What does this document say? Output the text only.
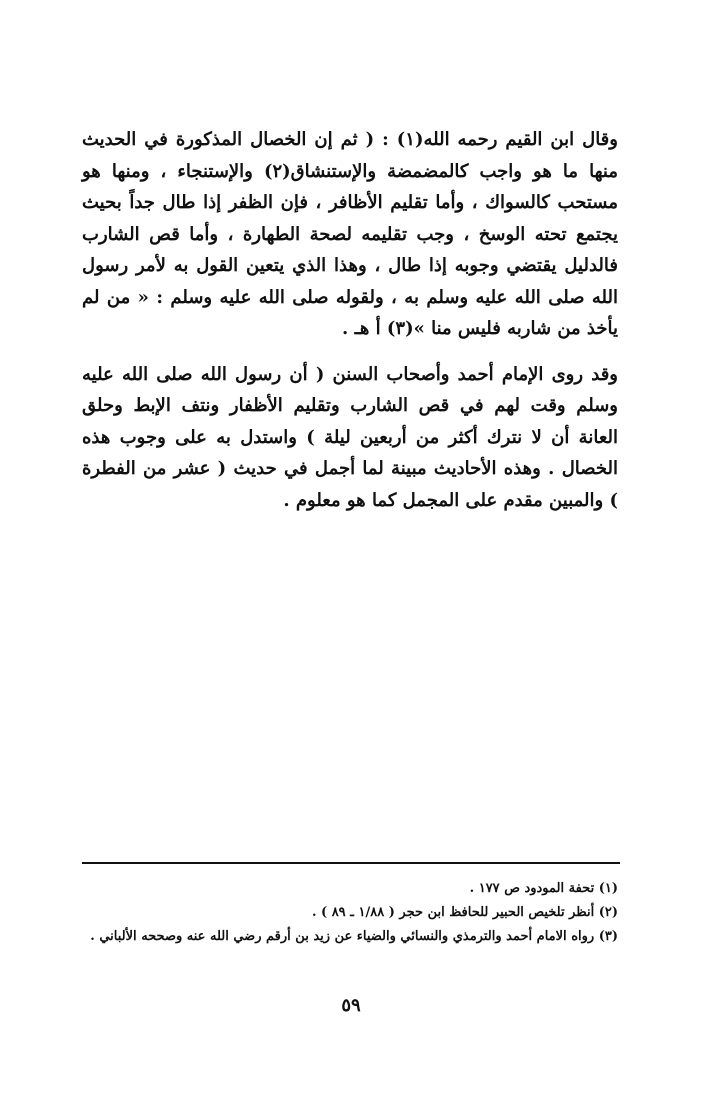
وقال ابن القيم رحمه الله(١) : ( ثم إن الخصال المذكورة في الحديث منها ما هو واجب كالمضمضة والإستنشاق(٢) والإستنجاء ، ومنها هو مستحب كالسواك ، وأما تقليم الأظافر ، فإن الظفر إذا طال جداً بحيث يجتمع تحته الوسخ ، وجب تقليمه لصحة الطهارة ، وأما قص الشارب فالدليل يقتضي وجوبه إذا طال ، وهذا الذي يتعين القول به لأمر رسول الله صلى الله عليه وسلم به ، ولقوله صلى الله عليه وسلم : « من لم يأخذ من شاربه فليس منا »(٣) أ هـ .

وقد روى الإمام أحمد وأصحاب السنن ( أن رسول الله صلى الله عليه وسلم وقت لهم في قص الشارب وتقليم الأظفار ونتف الإبط وحلق العانة أن لا نترك أكثر من أربعين ليلة ) واستدل به على وجوب هذه الخصال . وهذه الأحاديث مبينة لما أجمل في حديث ( عشر من الفطرة ) والمبين مقدم على المجمل كما هو معلوم .

(١) تحفة المودود ص ١٧٧ .

(٢) أنظر تلخيص الحبير للحافظ ابن حجر ( ١/٨٨ ـ ٨٩ ) .

(٣) رواه الامام أحمد والترمذي والنسائي والضياء عن زيد بن أرقم رضي الله عنه وصححه الألباني .

٥٩
